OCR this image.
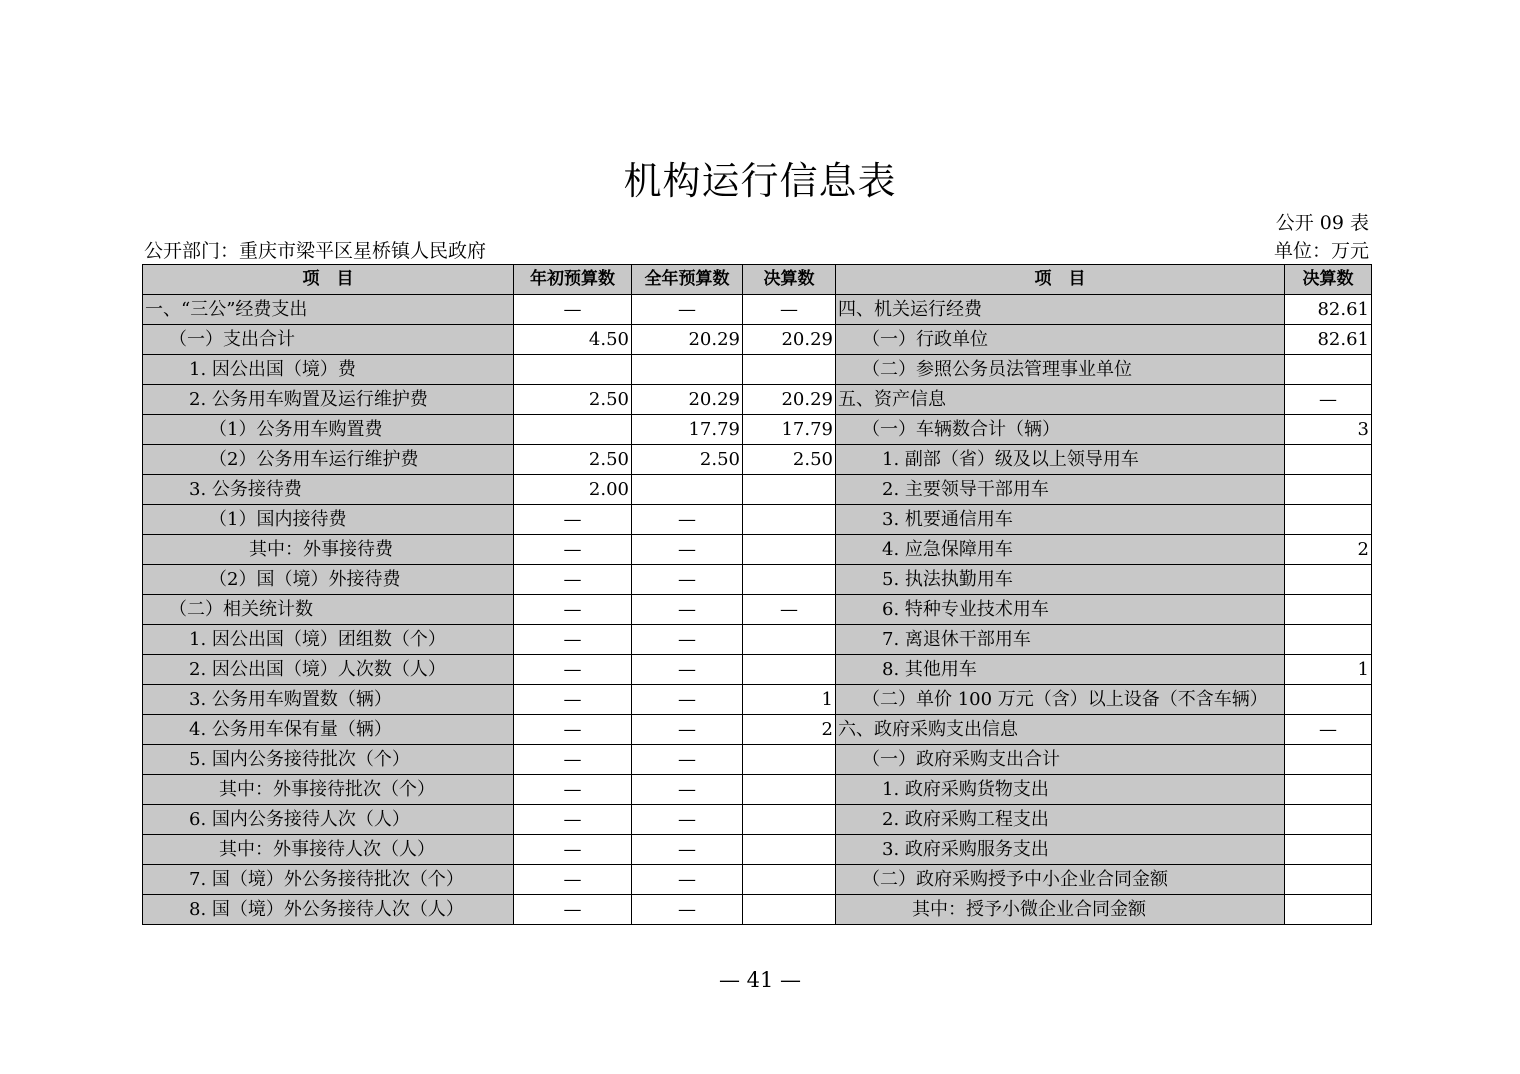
机构运行信息表
公开 09 表
公开部门：重庆市梁平区星桥镇人民政府	单位：万元
项　目	年初预算数	全年预算数	决算数	项　目	决算数
一、“三公”经费支出	—	—	—	四、机关运行经费	82.61
（一）支出合计	4.50	20.29	20.29	（一）行政单位	82.61
1. 因公出国（境）费				（二）参照公务员法管理事业单位	
2. 公务用车购置及运行维护费	2.50	20.29	20.29	五、资产信息	—
（1）公务用车购置费		17.79	17.79	（一）车辆数合计（辆）	3
（2）公务用车运行维护费	2.50	2.50	2.50	1. 副部（省）级及以上领导用车	
3. 公务接待费	2.00			2. 主要领导干部用车	
（1）国内接待费	—	—		3. 机要通信用车	
其中：外事接待费	—	—		4. 应急保障用车	2
（2）国（境）外接待费	—	—		5. 执法执勤用车	
（二）相关统计数	—	—	—	6. 特种专业技术用车	
1. 因公出国（境）团组数（个）	—	—		7. 离退休干部用车	
2. 因公出国（境）人次数（人）	—	—		8. 其他用车	1
3. 公务用车购置数（辆）	—	—	1	（二）单价 100 万元（含）以上设备（不含车辆）	
4. 公务用车保有量（辆）	—	—	2	六、政府采购支出信息	—
5. 国内公务接待批次（个）	—	—		（一）政府采购支出合计	
其中：外事接待批次（个）	—	—		1. 政府采购货物支出	
6. 国内公务接待人次（人）	—	—		2. 政府采购工程支出	
其中：外事接待人次（人）	—	—		3. 政府采购服务支出	
7. 国（境）外公务接待批次（个）	—	—		（二）政府采购授予中小企业合同金额	
8. 国（境）外公务接待人次（人）	—	—		其中：授予小微企业合同金额	
— 41 —
